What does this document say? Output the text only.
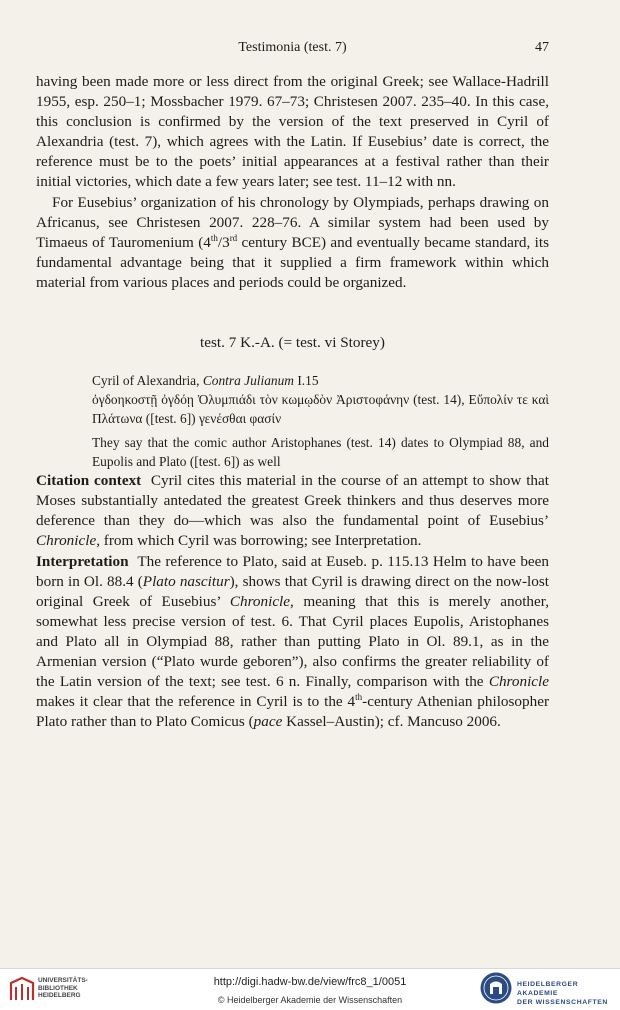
Testimonia (test. 7)	47

having been made more or less direct from the original Greek; see Wallace-Hadrill 1955, esp. 250–1; Mossbacher 1979. 67–73; Christesen 2007. 235–40. In this case, this conclusion is confirmed by the version of the text preserved in Cyril of Alexandria (test. 7), which agrees with the Latin. If Eusebius’ date is correct, the reference must be to the poets’ initial appearances at a festival rather than their initial victories, which date a few years later; see test. 11–12 with nn.

For Eusebius’ organization of his chronology by Olympiads, perhaps drawing on Africanus, see Christesen 2007. 228–76. A similar system had been used by Timaeus of Tauromenium (4th/3rd century BCE) and eventually became standard, its fundamental advantage being that it supplied a firm framework within which material from various places and periods could be organized.

test. 7 K.-A. (= test. vi Storey)

Cyril of Alexandria, Contra Julianum I.15

ὀγδοηκοστῇ ὀγδόῃ Ὀλυμπιάδι τὸν κωμῳδὸν Ἀριστοφάνην (test. 14), Εὔπολίν τε καὶ Πλάτωνα ([test. 6]) γενέσθαι φασίν

They say that the comic author Aristophanes (test. 14) dates to Olympiad 88, and Eupolis and Plato ([test. 6]) as well

Citation context Cyril cites this material in the course of an attempt to show that Moses substantially antedated the greatest Greek thinkers and thus deserves more deference than they do—which was also the fundamental point of Eusebius’ Chronicle, from which Cyril was borrowing; see Interpretation.

Interpretation The reference to Plato, said at Euseb. p. 115.13 Helm to have been born in Ol. 88.4 (Plato nascitur), shows that Cyril is drawing direct on the now-lost original Greek of Eusebius’ Chronicle, meaning that this is merely another, somewhat less precise version of test. 6. That Cyril places Eupolis, Aristophanes and Plato all in Olympiad 88, rather than putting Plato in Ol. 89.1, as in the Armenian version (“Plato wurde geboren”), also confirms the greater reliability of the Latin version of the text; see test. 6 n. Finally, comparison with the Chronicle makes it clear that the reference in Cyril is to the 4th-century Athenian philosopher Plato rather than to Plato Comicus (pace Kassel–Austin); cf. Mancuso 2006.

UNIVERSITÄTS-
BIBLIOTHEK
HEIDELBERG
http://digi.hadw-bw.de/view/frc8_1/0051
© Heidelberger Akademie der Wissenschaften
HEIDELBERGER AKADEMIE
DER WISSENSCHAFTEN
